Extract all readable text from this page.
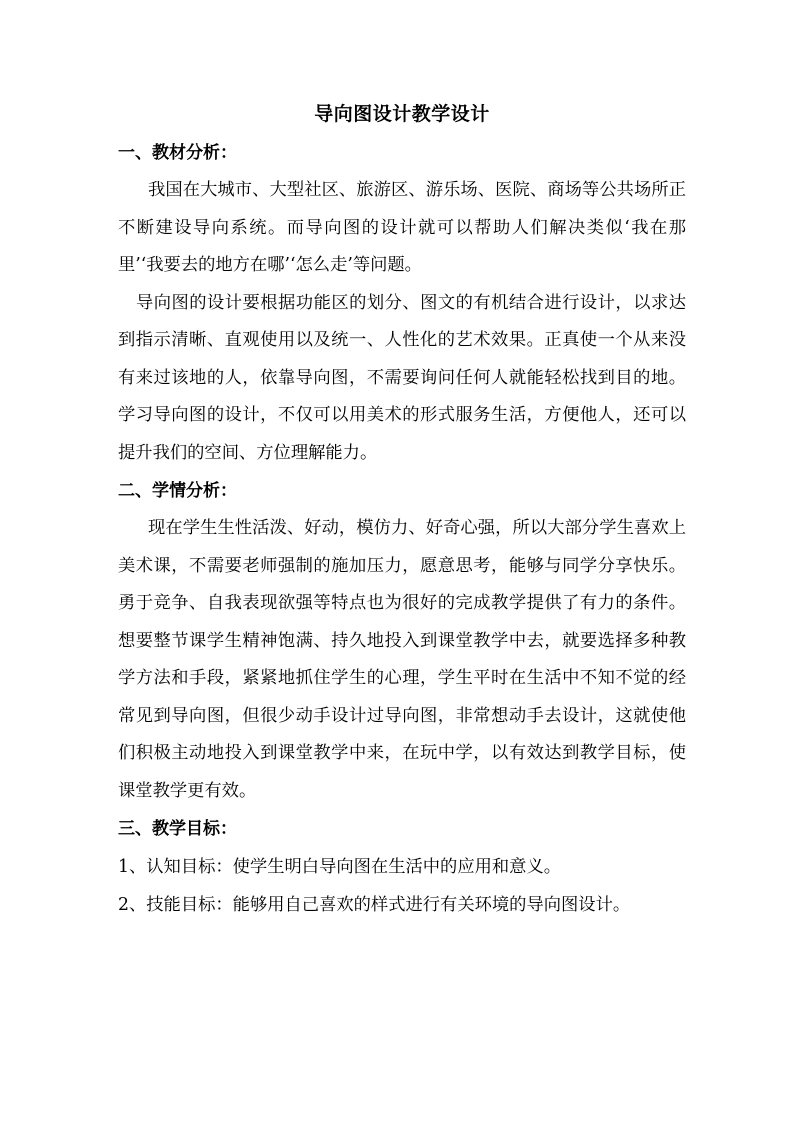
导向图设计教学设计
一、教材分析：

我国在大城市、大型社区、旅游区、游乐场、医院、商场等公共场所正不断建设导向系统。而导向图的设计就可以帮助人们解决类似‘我在那里’‘我要去的地方在哪’‘怎么走’等问题。

导向图的设计要根据功能区的划分、图文的有机结合进行设计，以求达到指示清晰、直观使用以及统一、人性化的艺术效果。正真使一个从来没有来过该地的人，依靠导向图，不需要询问任何人就能轻松找到目的地。学习导向图的设计，不仅可以用美术的形式服务生活，方便他人，还可以提升我们的空间、方位理解能力。

二、学情分析：

现在学生生性活泼、好动，模仿力、好奇心强，所以大部分学生喜欢上美术课，不需要老师强制的施加压力，愿意思考，能够与同学分享快乐。勇于竞争、自我表现欲强等特点也为很好的完成教学提供了有力的条件。想要整节课学生精神饱满、持久地投入到课堂教学中去，就要选择多种教学方法和手段，紧紧地抓住学生的心理，学生平时在生活中不知不觉的经常见到导向图，但很少动手设计过导向图，非常想动手去设计，这就使他们积极主动地投入到课堂教学中来，在玩中学，以有效达到教学目标，使课堂教学更有效。

三、教学目标：

1、认知目标：使学生明白导向图在生活中的应用和意义。

2、技能目标：能够用自己喜欢的样式进行有关环境的导向图设计。
